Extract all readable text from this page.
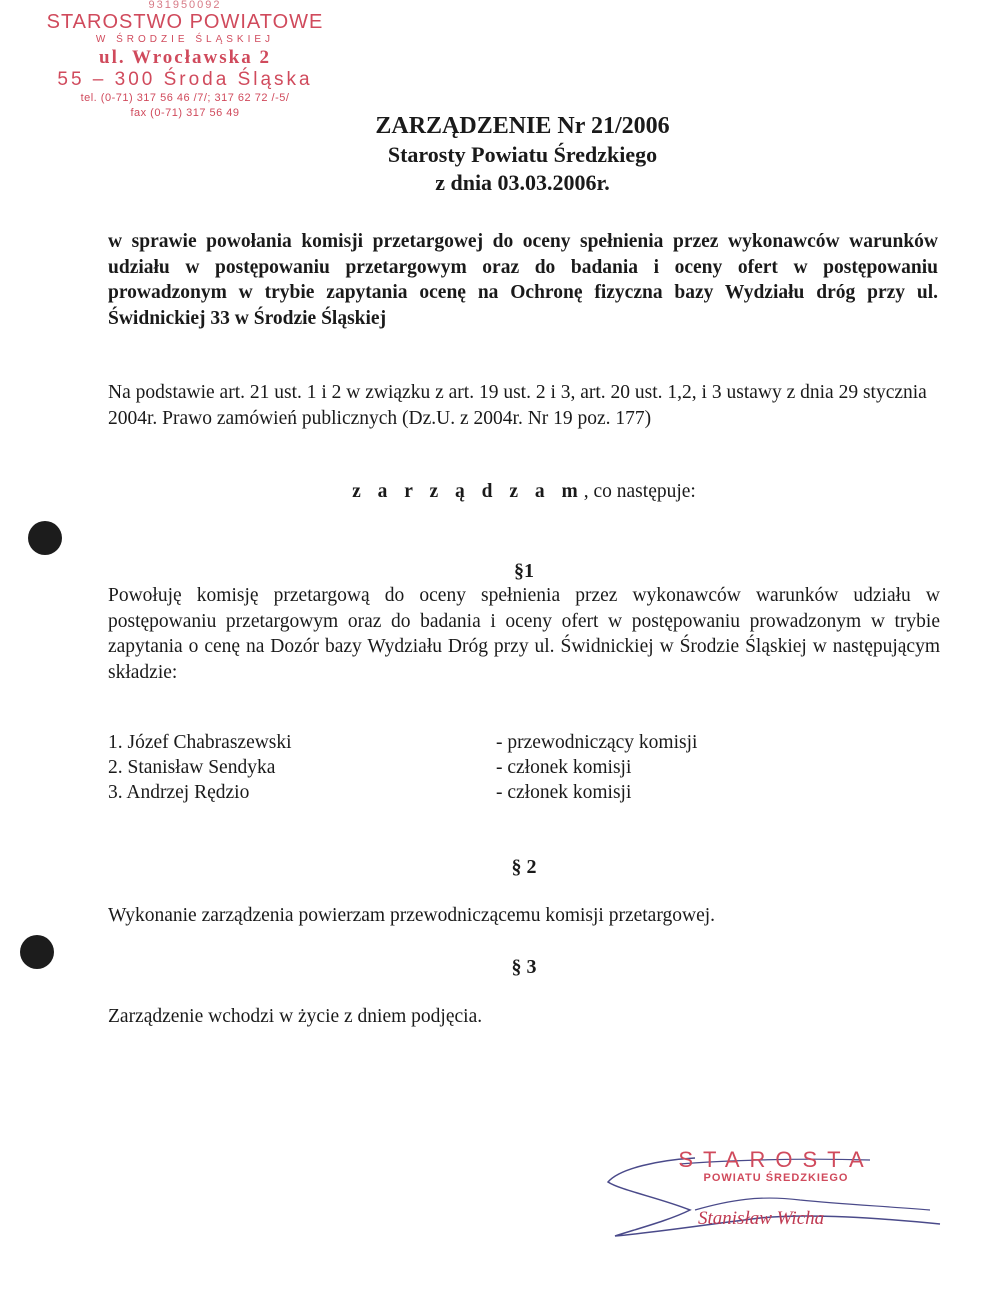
931950092
STAROSTWO POWIATOWE
W ŚRODZIE ŚLĄSKIEJ
ul. Wrocławska 2
55 – 300 Środa Śląska
tel. (0-71) 317 56 46 /7/; 317 62 72 /-5/
fax (0-71) 317 56 49	ZARZĄDZENIE Nr 21/2006
Starosty Powiatu Średzkiego
z dnia 03.03.2006r.
w sprawie powołania komisji przetargowej do oceny spełnienia przez wykonawców warunków udziału w postępowaniu przetargowym oraz do badania i oceny ofert w postępowaniu prowadzonym w trybie zapytania ocenę na Ochronę fizyczna bazy Wydziału dróg przy ul. Świdnickiej 33 w Środzie Śląskiej
Na podstawie art. 21 ust. 1 i 2 w związku z art. 19 ust. 2 i 3, art. 20 ust. 1,2, i 3 ustawy z dnia 29 stycznia 2004r. Prawo zamówień publicznych (Dz.U. z 2004r. Nr 19 poz. 177)
z a r z ą d z a m, co następuje:
§1
Powołuję komisję przetargową do oceny spełnienia przez wykonawców warunków udziału w postępowaniu przetargowym oraz do badania i oceny ofert w postępowaniu prowadzonym w trybie zapytania o cenę na Dozór bazy Wydziału Dróg przy ul. Świdnickiej w Środzie Śląskiej w następującym składzie:
1. Józef Chabraszewski	- przewodniczący komisji
2. Stanisław Sendyka	- członek komisji
3. Andrzej Rędzio	- członek komisji
§ 2
Wykonanie zarządzenia powierzam przewodniczącemu komisji przetargowej.
§ 3
Zarządzenie wchodzi w życie z dniem podjęcia.
STAROSTA
POWIATU ŚREDZKIEGO
Stanisław Wicha
